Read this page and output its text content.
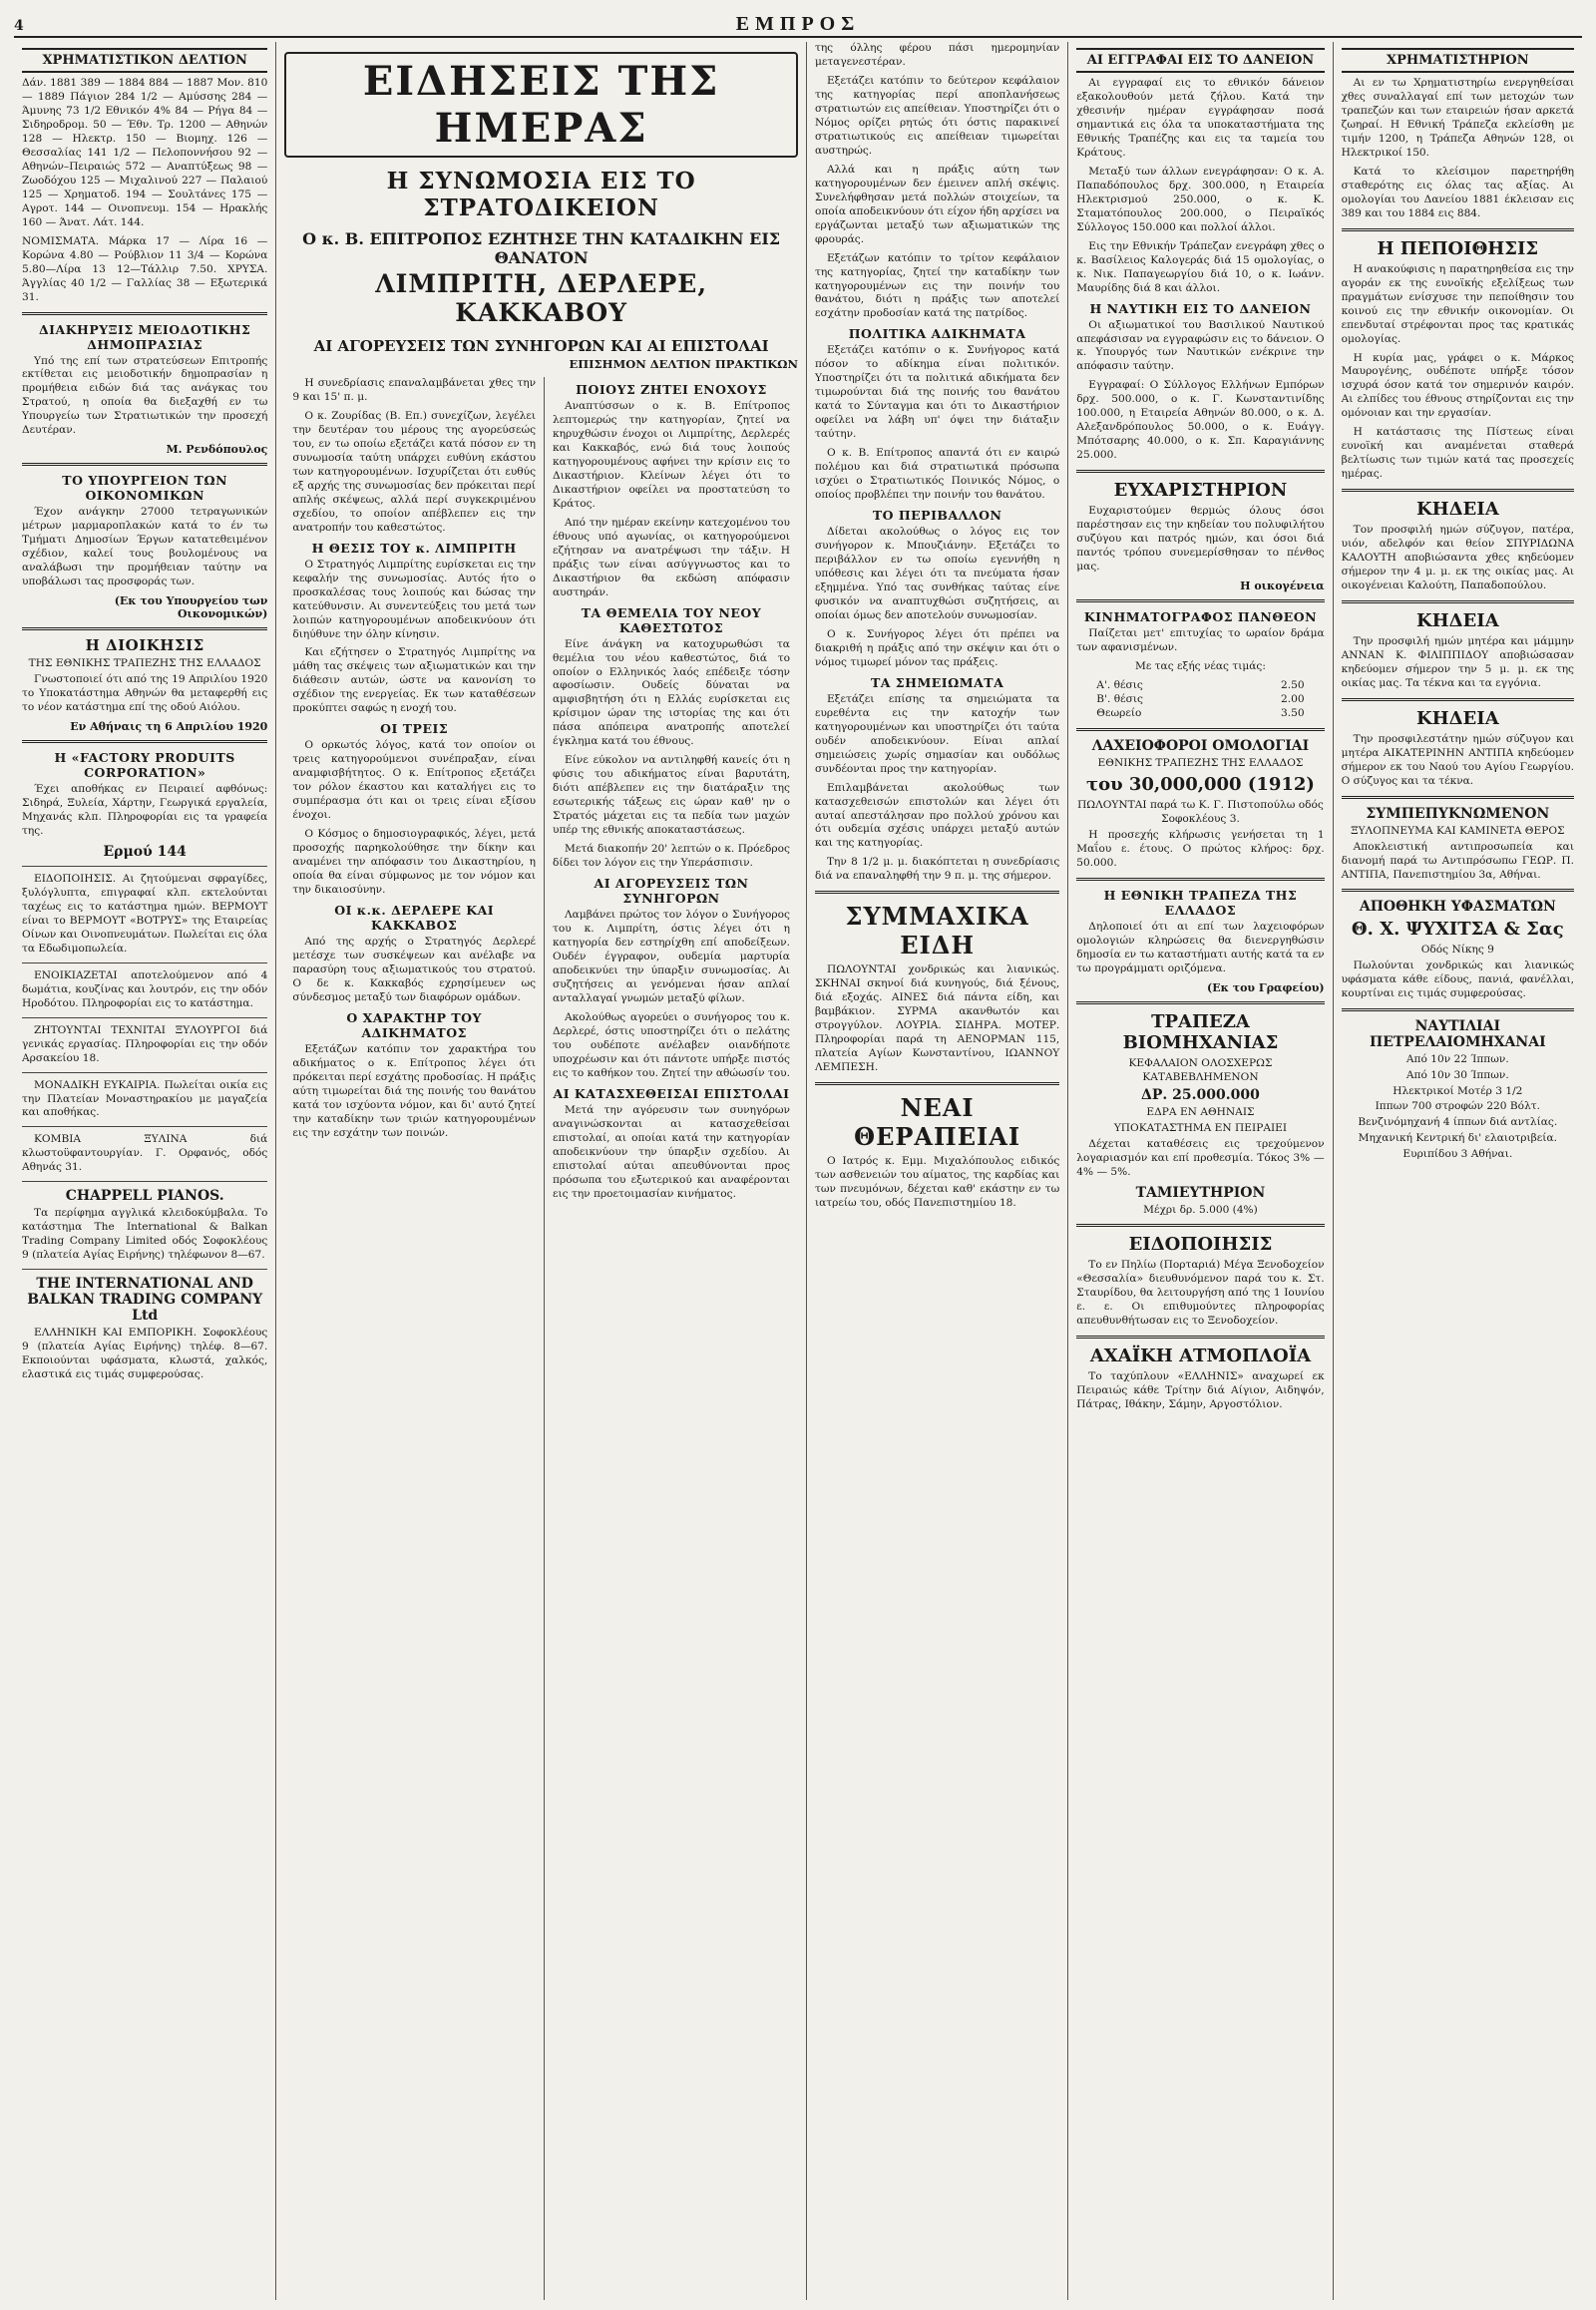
4	ΕΜΠΡΟΣ
ΧΡΗΜΑΤΙΣΤΙΚΟΝ ΔΕΛΤΙΟΝ

Δάν. 1881 389 — 1884 884 — 1887 Μον. 810 — 1889 Πάγιον 284 1/2 — Αμύσσης 284 — Άμυνης 73 1/2 Εθνικόν 4% 84 — Ρήγα 84 — Σιδηροδρομ. 50 — Έθν. Τρ. 1200 — Αθηνών 128 — Ηλεκτρ. 150 — Βιομηχ. 126 — Θεσσαλίας 141 1/2 — Πελοποννήσου 92 — Αθηνών–Πειραιώς 572 — Αναπτύξεως 98 — Ζωοδόχου 125 — Μιχαλινού 227 — Παλαιού 125 — Χρηματοδ. 194 — Σουλτάνες 175 — Αγροτ. 144 — Οινοπνευμ. 154 — Ηρακλής 160 — Άνατ. Λάτ. 144.

ΝΟΜΙΣΜΑΤΑ. Μάρκα 17 — Λίρα 16 — Κορώνα 4.80 — Ρούβλιον 11 3/4 — Κορώνα 5.80—Λίρα 13 12—Τάλλιρ 7.50. ΧΡΥΣΑ. Άγγλίας 40 1/2 — Γαλλίας 38 — Εξωτερικά 31.

ΔΙΑΚΗΡΥΞΙΣ ΜΕΙΟΔΟΤΙΚΗΣ ΔΗΜΟΠΡΑΣΙΑΣ

Υπό της επί των στρατεύσεων Επιτροπής εκτίθεται εις μειοδοτικήν δημοπρασίαν η προμήθεια ειδών διά τας ανάγκας του Στρατού, η οποία θα διεξαχθή εν τω Υπουργείω των Στρατιωτικών την προσεχή Δευτέραν.

Μ. Ρενδόπουλος
ΤΟ ΥΠΟΥΡΓΕΙΟΝ ΤΩΝ ΟΙΚΟΝΟΜΙΚΩΝ

Έχον ανάγκην 27000 τετραγωνικών μέτρων μαρμαροπλακών κατά το έν τω Τμήματι Δημοσίων Έργων κατατεθειμένον σχέδιον, καλεί τους βουλομένους να αναλάβωσι την προμήθειαν ταύτην να υποβάλωσι τας προσφοράς των.

(Εκ του Υπουργείου των Οικονομικών)
Η ΔΙΟΙΚΗΣΙΣ
ΤΗΣ ΕΘΝΙΚΗΣ ΤΡΑΠΕΖΗΣ ΤΗΣ ΕΛΛΑΔΟΣ

Γνωστοποιεί ότι από της 19 Απριλίου 1920 το Υποκατάστημα Αθηνών θα μεταφερθή εις το νέον κατάστημα επί της οδού Αιόλου.

Εν Αθήναις τη 6 Απριλίου 1920
Η «FACTORY PRODUITS CORPORATION»

Έχει αποθήκας εν Πειραιεί αφθόνως: Σιδηρά, Ξυλεία, Χάρτην, Γεωργικά εργαλεία, Μηχανάς κλπ. Πληροφορίαι εις τα γραφεία της.

Ερμού 144

ΕΙΔΟΠΟΙΗΣΙΣ. Αι ζητούμεναι σφραγίδες, ξυλόγλυπτα, επιγραφαί κλπ. εκτελούνται ταχέως εις το κατάστημα ημών. ΒΕΡΜΟΥΤ είναι το ΒΕΡΜΟΥΤ «ΒΟΤΡΥΣ» της Εταιρείας Οίνων και Οινοπνευμάτων. Πωλείται εις όλα τα Εδωδιμοπωλεία.

ΕΝΟΙΚΙΑΖΕΤΑΙ αποτελούμενον από 4 δωμάτια, κουζίνας και λουτρόν, εις την οδόν Ηροδότου. Πληροφορίαι εις το κατάστημα.

ΖΗΤΟΥΝΤΑΙ ΤΕΧΝΙΤΑΙ ΞΥΛΟΥΡΓΟΙ διά γενικάς εργασίας. Πληροφορίαι εις την οδόν Αρσακείου 18.

ΜΟΝΑΔΙΚΗ ΕΥΚΑΙΡΙΑ. Πωλείται οικία εις την Πλατείαν Μοναστηρακίου με μαγαζεία και αποθήκας.

ΚΟΜΒΙΑ ΞΥΛΙΝΑ διά κλωστοϋφαντουργίαν. Γ. Ορφανός, οδός Αθηνάς 31.

CHAPPELL PIANOS.

Τα περίφημα αγγλικά κλειδοκύμβαλα. Το κατάστημα The International & Balkan Trading Company Limited οδός Σοφοκλέους 9 (πλατεία Αγίας Ειρήνης) τηλέφωνον 8—67.

THE INTERNATIONAL AND BALKAN TRADING COMPANY Ltd

ΕΛΛΗΝΙΚΗ ΚΑΙ ΕΜΠΟΡΙΚΗ. Σοφοκλέους 9 (πλατεία Αγίας Ειρήνης) τηλέφ. 8—67. Εκποιούνται υφάσματα, κλωστά, χαλκός, ελαστικά εις τιμάς συμφερούσας.

ΕΙΔΗΣΕΙΣ ΤΗΣ ΗΜΕΡΑΣ
Η ΣΥΝΩΜΟΣΙΑ ΕΙΣ ΤΟ ΣΤΡΑΤΟΔΙΚΕΙΟΝ
Ο κ. Β. ΕΠΙΤΡΟΠΟΣ ΕΖΗΤΗΣΕ ΤΗΝ ΚΑΤΑΔΙΚΗΝ ΕΙΣ ΘΑΝΑΤΟΝ
ΛΙΜΠΡΙΤΗ, ΔΕΡΛΕΡΕ, ΚΑΚΚΑΒΟΥ
ΑΙ ΑΓΟΡΕΥΣΕΙΣ ΤΩΝ ΣΥΝΗΓΟΡΩΝ ΚΑΙ ΑΙ ΕΠΙΣΤΟΛΑΙ
ΕΠΙΣΗΜΟΝ ΔΕΛΤΙΟΝ ΠΡΑΚΤΙΚΩΝ

Η συνεδρίασις επαναλαμβάνεται χθες την 9 και 15' π. μ.

Ο κ. Ζουρίδας (Β. Επ.) συνεχίζων, λεγέλει την δευτέραν του μέρους της αγορεύσεώς του, εν τω οποίω εξετάζει κατά πόσον εν τη συνωμοσία ταύτη υπάρχει ευθύνη εκάστου των κατηγορουμένων. Ισχυρίζεται ότι ευθύς εξ αρχής της συνωμοσίας δεν πρόκειται περί απλής σκέψεως, αλλά περί συγκεκριμένου σχεδίου, το οποίον απέβλεπεν εις την ανατροπήν του καθεστώτος.

Η ΘΕΣΙΣ ΤΟΥ κ. ΛΙΜΠΡΙΤΗ

Ο Στρατηγός Λιμπρίτης ευρίσκεται εις την κεφαλήν της συνωμοσίας. Αυτός ήτο ο προσκαλέσας τους λοιπούς και δώσας την κατεύθυνσιν. Αι συνεντεύξεις του μετά των λοιπών κατηγορουμένων αποδεικνύουν ότι διηύθυνε την όλην κίνησιν.

Και εζήτησεν ο Στρατηγός Λιμπρίτης να μάθη τας σκέψεις των αξιωματικών και την διάθεσιν αυτών, ώστε να κανονίση το σχέδιον της ενεργείας. Εκ των καταθέσεων προκύπτει σαφώς η ενοχή του.

ΟΙ ΤΡΕΙΣ

Ο ορκωτός λόγος, κατά τον οποίον οι τρεις κατηγορούμενοι συνέπραξαν, είναι αναμφισβήτητος. Ο κ. Επίτροπος εξετάζει τον ρόλον έκαστου και καταλήγει εις το συμπέρασμα ότι και οι τρεις είναι εξίσου ένοχοι.

Ο Κόσμος ο δημοσιογραφικός, λέγει, μετά προσοχής παρηκολούθησε την δίκην και αναμένει την απόφασιν του Δικαστηρίου, η οποία θα είναι σύμφωνος με τον νόμον και την δικαιοσύνην.

ΟΙ κ.κ. ΔΕΡΛΕΡΕ ΚΑΙ ΚΑΚΚΑΒΟΣ

Από της αρχής ο Στρατηγός Δερλερέ μετέσχε των συσκέψεων και ανέλαβε να παρασύρη τους αξιωματικούς του στρατού. Ο δε κ. Κακκαβός εχρησίμευεν ως σύνδεσμος μεταξύ των διαφόρων ομάδων.

Ο ΧΑΡΑΚΤΗΡ ΤΟΥ ΑΔΙΚΗΜΑΤΟΣ

Εξετάζων κατόπιν τον χαρακτήρα του αδικήματος ο κ. Επίτροπος λέγει ότι πρόκειται περί εσχάτης προδοσίας. Η πράξις αύτη τιμωρείται διά της ποινής του θανάτου κατά τον ισχύοντα νόμον, και δι' αυτό ζητεί την καταδίκην των τριών κατηγορουμένων εις την εσχάτην των ποινών.

ΠΟΙΟΥΣ ΖΗΤΕΙ ΕΝΟΧΟΥΣ

Αναπτύσσων ο κ. Β. Επίτροπος λεπτομερώς την κατηγορίαν, ζητεί να κηρυχθώσιν ένοχοι οι Λιμπρίτης, Δερλερές και Κακκαβός, ενώ διά τους λοιπούς κατηγορουμένους αφήνει την κρίσιν εις το Δικαστήριον. Κλείνων λέγει ότι το Δικαστήριον οφείλει να προστατεύση το Κράτος.

Από την ημέραν εκείνην κατεχομένου του έθνους υπό αγωνίας, οι κατηγορούμενοι εζήτησαν να ανατρέψωσι την τάξιν. Η πράξις των είναι ασύγγνωστος και το Δικαστήριον θα εκδώση απόφασιν αυστηράν.

ΤΑ ΘΕΜΕΛΙΑ ΤΟΥ ΝΕΟΥ ΚΑΘΕΣΤΩΤΟΣ

Είνε άνάγκη να κατοχυρωθώσι τα θεμέλια του νέου καθεστώτος, διά το οποίον ο Ελληνικός λαός επέδειξε τόσην αφοσίωσιν. Ουδείς δύναται να αμφισβητήση ότι η Ελλάς ευρίσκεται εις κρίσιμον ώραν της ιστορίας της και ότι πάσα απόπειρα ανατροπής αποτελεί έγκλημα κατά του έθνους.

Είνε εύκολον να αντιληφθή κανείς ότι η φύσις του αδικήματος είναι βαρυτάτη, διότι απέβλεπεν εις την διατάραξιν της εσωτερικής τάξεως εις ώραν καθ' ην ο Στρατός μάχεται εις τα πεδία των μαχών υπέρ της εθνικής αποκαταστάσεως.

Μετά διακοπήν 20' λεπτών ο κ. Πρόεδρος δίδει τον λόγον εις την Υπεράσπισιν.

ΑΙ ΑΓΟΡΕΥΣΕΙΣ ΤΩΝ ΣΥΝΗΓΟΡΩΝ

Λαμβάνει πρώτος τον λόγον ο Συνήγορος του κ. Λιμπρίτη, όστις λέγει ότι η κατηγορία δεν εστηρίχθη επί αποδείξεων. Ουδέν έγγραφον, ουδεμία μαρτυρία αποδεικνύει την ύπαρξιν συνωμοσίας. Αι συζητήσεις αι γενόμεναι ήσαν απλαί ανταλλαγαί γνωμών μεταξύ φίλων.

Ακολούθως αγορεύει ο συνήγορος του κ. Δερλερέ, όστις υποστηρίζει ότι ο πελάτης του ουδέποτε ανέλαβεν οιανδήποτε υποχρέωσιν και ότι πάντοτε υπήρξε πιστός εις το καθήκον του. Ζητεί την αθώωσίν του.

ΑΙ ΚΑΤΑΣΧΕΘΕΙΣΑΙ ΕΠΙΣΤΟΛΑΙ

Μετά την αγόρευσιν των συνηγόρων αναγινώσκονται αι κατασχεθείσαι επιστολαί, αι οποίαι κατά την κατηγορίαν αποδεικνύουν την ύπαρξιν σχεδίου. Αι επιστολαί αύται απευθύνονται προς πρόσωπα του εξωτερικού και αναφέρονται εις την προετοιμασίαν κινήματος.

της όλλης φέρου πάσι ημερομηνίαν μεταγενεστέραν.

Εξετάζει κατόπιν το δεύτερον κεφάλαιον της κατηγορίας περί αποπλανήσεως στρατιωτών εις απείθειαν. Υποστηρίζει ότι ο Νόμος ορίζει ρητώς ότι όστις παρακινεί στρατιωτικούς εις απείθειαν τιμωρείται αυστηρώς.

Αλλά και η πράξις αύτη των κατηγορουμένων δεν έμεινεν απλή σκέψις. Συνελήφθησαν μετά πολλών στοιχείων, τα οποία αποδεικνύουν ότι είχον ήδη αρχίσει να εργάζωνται μεταξύ των αξιωματικών της φρουράς.

Εξετάζων κατόπιν το τρίτον κεφάλαιον της κατηγορίας, ζητεί την καταδίκην των κατηγορουμένων εις την ποινήν του θανάτου, διότι η πράξις των αποτελεί εσχάτην προδοσίαν κατά της πατρίδος.

ΠΟΛΙΤΙΚΑ ΑΔΙΚΗΜΑΤΑ

Εξετάζει κατόπιν ο κ. Συνήγορος κατά πόσον το αδίκημα είναι πολιτικόν. Υποστηρίζει ότι τα πολιτικά αδικήματα δεν τιμωρούνται διά της ποινής του θανάτου κατά το Σύνταγμα και ότι το Δικαστήριον οφείλει να λάβη υπ' όψει την διάταξιν ταύτην.

Ο κ. Β. Επίτροπος απαντά ότι εν καιρώ πολέμου και διά στρατιωτικά πρόσωπα ισχύει ο Στρατιωτικός Ποινικός Νόμος, ο οποίος προβλέπει την ποινήν του θανάτου.

ΤΟ ΠΕΡΙΒΑΛΛΟΝ

Δίδεται ακολούθως ο λόγος εις τον συνήγορον κ. Μπουζιάνην. Εξετάζει το περιβάλλον εν τω οποίω εγεννήθη η υπόθεσις και λέγει ότι τα πνεύματα ήσαν εξημμένα. Υπό τας συνθήκας ταύτας είνε φυσικόν να αναπτυχθώσι συζητήσεις, αι οποίαι όμως δεν αποτελούν συνωμοσίαν.

Ο κ. Συνήγορος λέγει ότι πρέπει να διακριθή η πράξις από την σκέψιν και ότι ο νόμος τιμωρεί μόνον τας πράξεις.

ΤΑ ΣΗΜΕΙΩΜΑΤΑ

Εξετάζει επίσης τα σημειώματα τα ευρεθέντα εις την κατοχήν των κατηγορουμένων και υποστηρίζει ότι ταύτα ουδέν αποδεικνύουν. Είναι απλαί σημειώσεις χωρίς σημασίαν και ουδόλως συνδέονται προς την κατηγορίαν.

Επιλαμβάνεται ακολούθως των κατασχεθεισών επιστολών και λέγει ότι αυταί απεστάλησαν προ πολλού χρόνου και ότι ουδεμία σχέσις υπάρχει μεταξύ αυτών και της κατηγορίας.

Την 8 1/2 μ. μ. διακόπτεται η συνεδρίασις διά να επαναληφθή την 9 π. μ. της σήμερον.

ΣΥΜΜΑΧΙΚΑ ΕΙΔΗ

ΠΩΛΟΥΝΤΑΙ χονδρικώς και λιανικώς. ΣΚΗΝΑΙ σκηνοί διά κυνηγούς, διά ξένους, διά εξοχάς. ΑΙΝΕΣ διά πάντα είδη, και βαμβάκιον. ΣΥΡΜΑ ακανθωτόν και στρογγύλον. ΛΟΥΡΙΑ. ΣΙΔΗΡΑ. ΜΟΤΕΡ. Πληροφορίαι παρά τη ΑΕΝΟΡΜΑΝ 115, πλατεία Αγίων Κωνσταντίνου, ΙΩΑΝΝΟΥ ΛΕΜΠΕΣΗ.

ΝΕΑΙ ΘΕΡΑΠΕΙΑΙ

Ο Ιατρός κ. Εμμ. Μιχαλόπουλος ειδικός των ασθενειών του αίματος, της καρδίας και των πνευμόνων, δέχεται καθ' εκάστην εν τω ιατρείω του, οδός Πανεπιστημίου 18.

ΑΙ ΕΓΓΡΑΦΑΙ ΕΙΣ ΤΟ ΔΑΝΕΙΟΝ

Αι εγγραφαί εις το εθνικόν δάνειον εξακολουθούν μετά ζήλου. Κατά την χθεσινήν ημέραν εγγράφησαν ποσά σημαντικά εις όλα τα υποκαταστήματα της Εθνικής Τραπέζης και εις τα ταμεία του Κράτους.

Μεταξύ των άλλων ενεγράφησαν: Ο κ. Α. Παπαδόπουλος δρχ. 300.000, η Εταιρεία Ηλεκτρισμού 250.000, ο κ. Κ. Σταματόπουλος 200.000, ο Πειραϊκός Σύλλογος 150.000 και πολλοί άλλοι.

Εις την Εθνικήν Τράπεζαν ενεγράφη χθες ο κ. Βασίλειος Καλογεράς διά 15 ομολογίας, ο κ. Νικ. Παπαγεωργίου διά 10, ο κ. Ιωάνν. Μαυρίδης διά 8 και άλλοι.

Η ΝΑΥΤΙΚΗ ΕΙΣ ΤΟ ΔΑΝΕΙΟΝ

Οι αξιωματικοί του Βασιλικού Ναυτικού απεφάσισαν να εγγραφώσιν εις το δάνειον. Ο κ. Υπουργός των Ναυτικών ενέκρινε την απόφασιν ταύτην.

Εγγραφαί: Ο Σύλλογος Ελλήνων Εμπόρων δρχ. 500.000, ο κ. Γ. Κωνσταντινίδης 100.000, η Εταιρεία Αθηνών 80.000, ο κ. Δ. Αλεξανδρόπουλος 50.000, ο κ. Ευάγγ. Μπότσαρης 40.000, ο κ. Σπ. Καραγιάννης 25.000.

ΕΥΧΑΡΙΣΤΗΡΙΟΝ

Ευχαριστούμεν θερμώς όλους όσοι παρέστησαν εις την κηδείαν του πολυφιλήτου συζύγου και πατρός ημών, και όσοι διά παντός τρόπου συνεμερίσθησαν το πένθος μας.

Η οικογένεια
ΚΙΝΗΜΑΤΟΓΡΑΦΟΣ ΠΑΝΘΕΟΝ

Παίζεται μετ' επιτυχίας το ωραίον δράμα των αφανισμένων.

Με τας εξής νέας τιμάς:
Α'. θέσις	2.50
Β'. θέσις	2.00
Θεωρείο	3.50
ΛΑΧΕΙΟΦΟΡΟΙ ΟΜΟΛΟΓΙΑΙ
ΕΘΝΙΚΗΣ ΤΡΑΠΕΖΗΣ ΤΗΣ ΕΛΛΑΔΟΣ
του 30,000,000 (1912)
ΠΩΛΟΥΝΤΑΙ παρά τω Κ. Γ. Πιστοπούλω οδός Σοφοκλέους 3.

Η προσεχής κλήρωσις γενήσεται τη 1 Μαΐου ε. έτους. Ο πρώτος κλήρος: δρχ. 50.000.

Η ΕΘΝΙΚΗ ΤΡΑΠΕΖΑ ΤΗΣ ΕΛΛΑΔΟΣ

Δηλοποιεί ότι αι επί των λαχειοφόρων ομολογιών κληρώσεις θα διενεργηθώσιν δημοσία εν τω καταστήματι αυτής κατά τα εν τω προγράμματι οριζόμενα.

(Εκ του Γραφείου)
ΤΡΑΠΕΖΑ ΒΙΟΜΗΧΑΝΙΑΣ
ΚΕΦΑΛΑΙΟΝ ΟΛΟΣΧΕΡΩΣ ΚΑΤΑΒΕΒΛΗΜΕΝΟΝ
ΔΡ. 25.000.000
ΕΔΡΑ ΕΝ ΑΘΗΝΑΙΣ
ΥΠΟΚΑΤΑΣΤΗΜΑ ΕΝ ΠΕΙΡΑΙΕΙ

Δέχεται καταθέσεις εις τρεχούμενον λογαριασμόν και επί προθεσμία. Τόκος 3% — 4% — 5%.

ΤΑΜΙΕΥΤΗΡΙΟΝ
Μέχρι δρ. 5.000 (4%)
ΕΙΔΟΠΟΙΗΣΙΣ

Το εν Πηλίω (Πορταριά) Μέγα Ξενοδοχείον «Θεσσαλία» διευθυνόμενον παρά του κ. Στ. Σταυρίδου, θα λειτουργήση από της 1 Ιουνίου ε. ε. Οι επιθυμούντες πληροφορίας απευθυνθήτωσαν εις το Ξενοδοχείον.

ΑΧΑΪΚΗ ΑΤΜΟΠΛΟΪΑ

Το ταχύπλουν «ΕΛΛΗΝΙΣ» αναχωρεί εκ Πειραιώς κάθε Τρίτην διά Αίγιον, Αιδηψόν, Πάτρας, Ιθάκην, Σάμην, Αργοστόλιον.

ΧΡΗΜΑΤΙΣΤΗΡΙΟΝ

Αι εν τω Χρηματιστηρίω ενεργηθείσαι χθες συναλλαγαί επί των μετοχών των τραπεζών και των εταιρειών ήσαν αρκετά ζωηραί. Η Εθνική Τράπεζα εκλείσθη με τιμήν 1200, η Τράπεζα Αθηνών 128, οι Ηλεκτρικοί 150.

Κατά το κλείσιμον παρετηρήθη σταθερότης εις όλας τας αξίας. Αι ομολογίαι του Δανείου 1881 έκλεισαν εις 389 και του 1884 εις 884.

Η ΠΕΠΟΙΘΗΣΙΣ

Η ανακούφισις η παρατηρηθείσα εις την αγοράν εκ της ευνοϊκής εξελίξεως των πραγμάτων ενίσχυσε την πεποίθησιν του κοινού εις την εθνικήν οικονομίαν. Οι επενδυταί στρέφονται προς τας κρατικάς ομολογίας.

Η κυρία μας, γράφει ο κ. Μάρκος Μαυρογένης, ουδέποτε υπήρξε τόσον ισχυρά όσον κατά τον σημερινόν καιρόν. Αι ελπίδες του έθνους στηρίζονται εις την ομόνοιαν και την εργασίαν.

Η κατάστασις της Πίστεως είναι ευνοϊκή και αναμένεται σταθερά βελτίωσις των τιμών κατά τας προσεχείς ημέρας.

ΚΗΔΕΙΑ

Τον προσφιλή ημών σύζυγον, πατέρα, υιόν, αδελφόν και θείον ΣΠΥΡΙΔΩΝΑ ΚΑΛΟΥΤΗ αποβιώσαντα χθες κηδεύομεν σήμερον την 4 μ. μ. εκ της οικίας μας. Αι οικογένειαι Καλούτη, Παπαδοπούλου.

ΚΗΔΕΙΑ

Την προσφιλή ημών μητέρα και μάμμην ΑΝΝΑΝ Κ. ΦΙΛΙΠΠΙΔΟΥ αποβιώσασαν κηδεύομεν σήμερον την 5 μ. μ. εκ της οικίας μας. Τα τέκνα και τα εγγόνια.

ΚΗΔΕΙΑ

Την προσφιλεστάτην ημών σύζυγον και μητέρα ΑΙΚΑΤΕΡΙΝΗΝ ΑΝΤΙΠΑ κηδεύομεν σήμερον εκ του Ναού του Αγίου Γεωργίου. Ο σύζυγος και τα τέκνα.

ΣΥΜΠΕΠΥΚΝΩΜΕΝΟΝ
ΞΥΛΟΠΝΕΥΜΑ ΚΑΙ ΚΑΜΙΝΕΤΑ ΘΕΡΟΣ

Αποκλειστική αντιπροσωπεία και διανομή παρά τω Αντιπρόσωπω ΓΕΩΡ. Π. ΑΝΤΙΠΑ, Πανεπιστημίου 3α, Αθήναι.

ΑΠΟΘΗΚΗ ΥΦΑΣΜΑΤΩΝ
Θ. Χ. ΨΥΧΙΤΣΑ & Σας
Οδός Νίκης 9

Πωλούνται χονδρικώς και λιανικώς υφάσματα κάθε είδους, πανιά, φανέλλαι, κουρτίναι εις τιμάς συμφερούσας.

ΝΑΥΤΙΛΙΑΙ ΠΕΤΡΕΛΑΙΟΜΗΧΑΝΑΙ
Από 10ν 22 Ίππων.
Από 10ν 30 Ίππων.
Ηλεκτρικοί Μοτέρ 3 1/2
Ιππων 700 στροφών 220 Βόλτ.
Βενζινόμηχανή 4 ίππων διά αντλίας.
Μηχανική Κεντρική δι' ελαιοτριβεία.
Ευριπίδου 3 Αθήναι.
